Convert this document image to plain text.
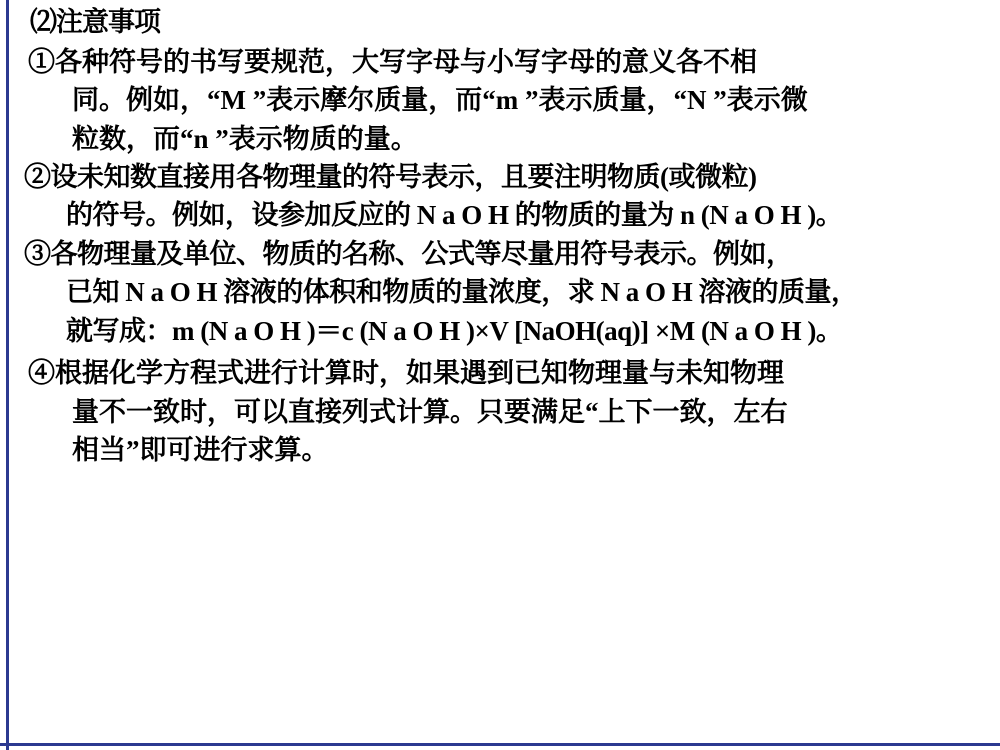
⑵注意事项
①各种符号的书写要规范，大写字母与小写字母的意义各不相
同。例如，“M ”表示摩尔质量，而“m ”表示质量，“N ”表示微
粒数，而“n ”表示物质的量。
②设未知数直接用各物理量的符号表示，且要注明物质(或微粒)
的符号。例如，设参加反应的 N a O H 的物质的量为 n (N a O H )。
③各物理量及单位、物质的名称、公式等尽量用符号表示。例如，
已知 N a O H 溶液的体积和物质的量浓度，求 N a O H 溶液的质量，
就写成：m (N a O H )＝c (N a O H )×V [NaOH(aq)] ×M (N a O H )。
④根据化学方程式进行计算时，如果遇到已知物理量与未知物理
量不一致时，可以直接列式计算。只要满足“上下一致，左右
相当”即可进行求算。
